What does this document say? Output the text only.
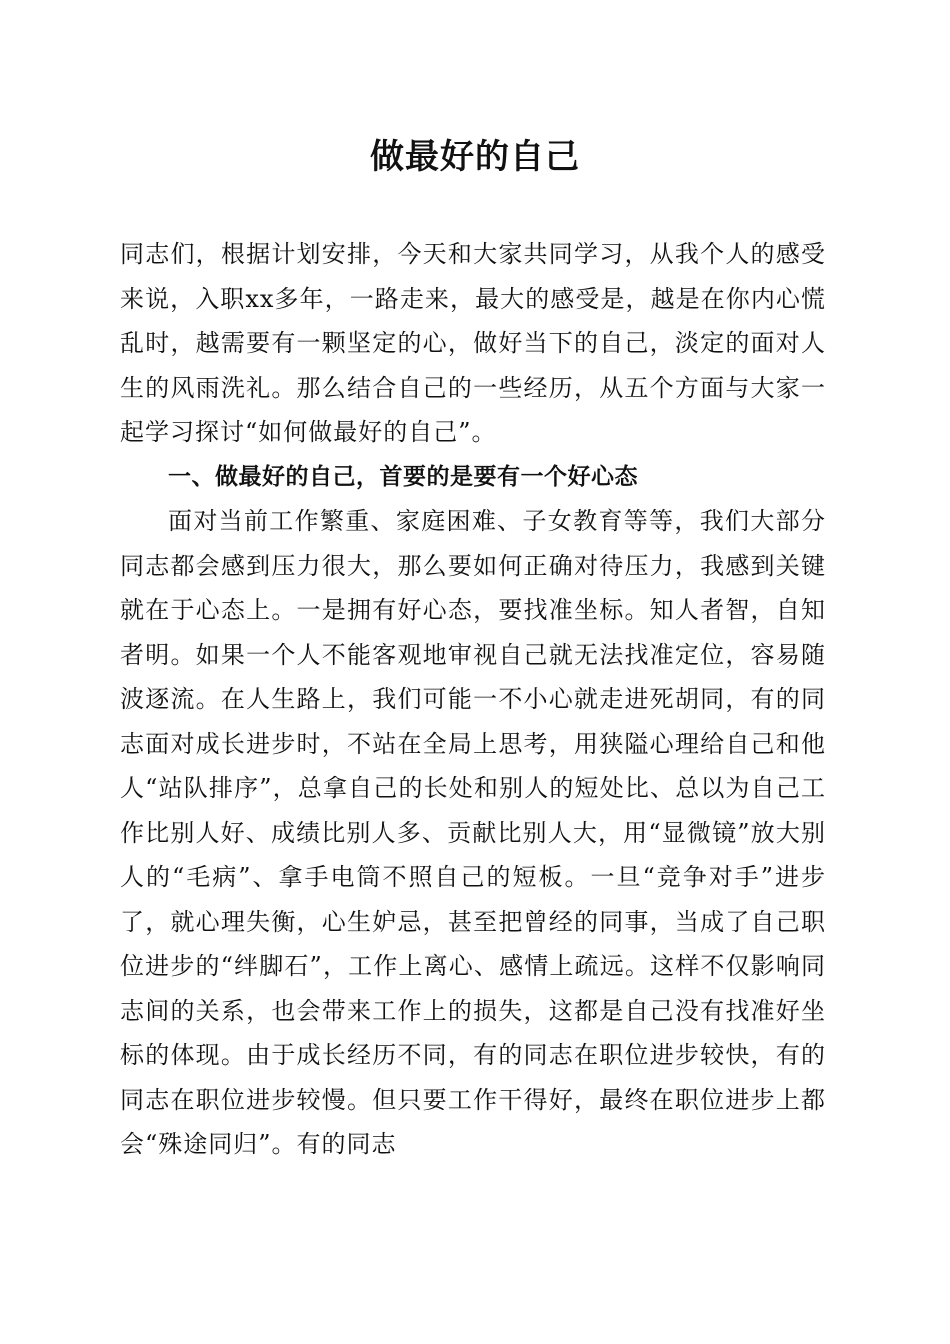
做最好的自己

同志们，根据计划安排，今天和大家共同学习，从我个人的感受来说，入职xx多年，一路走来，最大的感受是，越是在你内心慌乱时，越需要有一颗坚定的心，做好当下的自己，淡定的面对人生的风雨洗礼。那么结合自己的一些经历，从五个方面与大家一起学习探讨“如何做最好的自己”。

一、做最好的自己，首要的是要有一个好心态

面对当前工作繁重、家庭困难、子女教育等等，我们大部分同志都会感到压力很大，那么要如何正确对待压力，我感到关键就在于心态上。一是拥有好心态，要找准坐标。知人者智，自知者明。如果一个人不能客观地审视自己就无法找准定位，容易随波逐流。在人生路上，我们可能一不小心就走进死胡同，有的同志面对成长进步时，不站在全局上思考，用狭隘心理给自己和他人“站队排序”，总拿自己的长处和别人的短处比、总以为自己工作比别人好、成绩比别人多、贡献比别人大，用“显微镜”放大别人的“毛病”、拿手电筒不照自己的短板。一旦“竞争对手”进步了，就心理失衡，心生妒忌，甚至把曾经的同事，当成了自己职位进步的“绊脚石”，工作上离心、感情上疏远。这样不仅影响同志间的关系，也会带来工作上的损失，这都是自己没有找准好坐标的体现。由于成长经历不同，有的同志在职位进步较快，有的同志在职位进步较慢。但只要工作干得好，最终在职位进步上都会“殊途同归”。有的同志
